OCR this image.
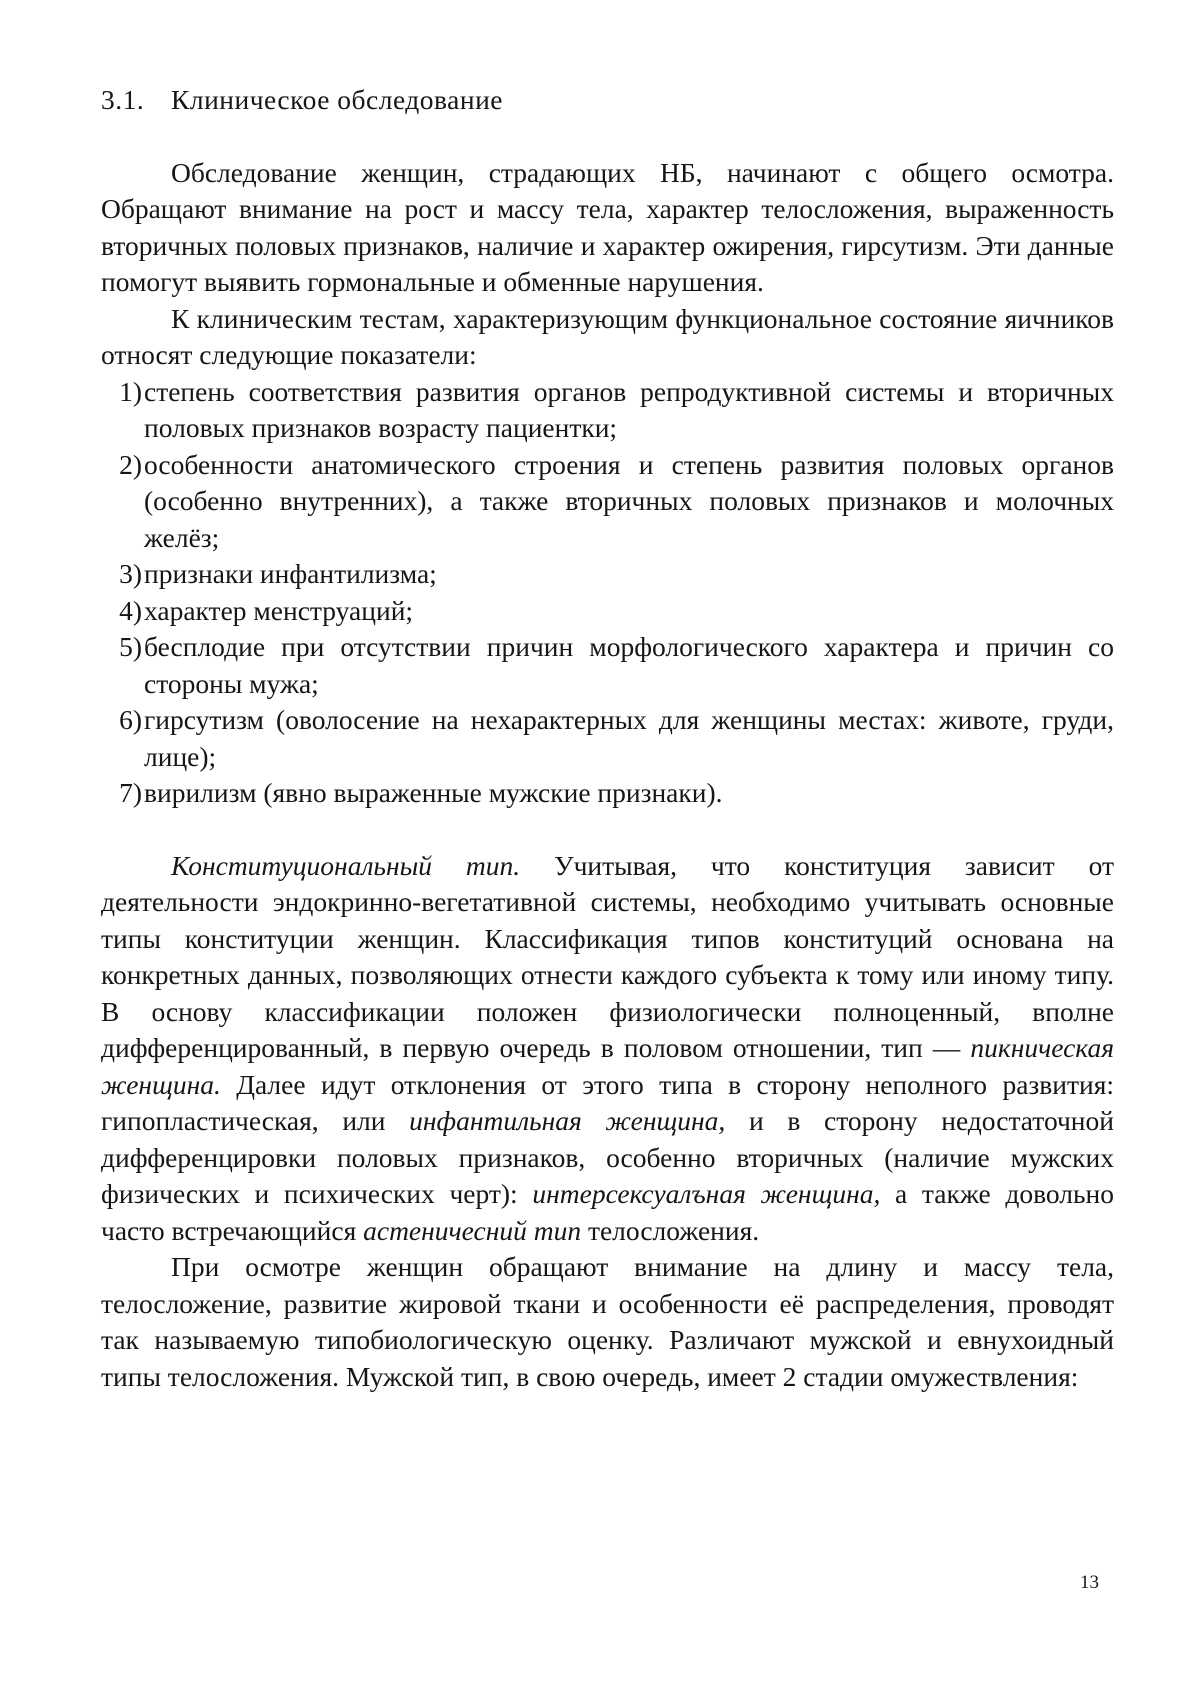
3.1. Клиническое обследование

Обследование женщин, страдающих НБ, начинают с общего осмотра. Обращают внимание на рост и массу тела, характер телосложения, выраженность вторичных половых признаков, наличие и характер ожирения, гирсутизм. Эти данные помогут выявить гормональные и обменные нарушения.

К клиническим тестам, характеризующим функциональное состояние яичников относят следующие показатели:

1) степень соответствия развития органов репродуктивной системы и вторичных половых признаков возрасту пациентки;
2) особенности анатомического строения и степень развития половых органов (особенно внутренних), а также вторичных половых признаков и молочных желёз;
3) признаки инфантилизма;
4) характер менструаций;
5) бесплодие при отсутствии причин морфологического характера и причин со стороны мужа;
6) гирсутизм (оволосение на нехарактерных для женщины местах: животе, груди, лице);
7) вирилизм (явно выраженные мужские признаки).

Конституциональный тип. Учитывая, что конституция зависит от деятельности эндокринно-вегетативной системы, необходимо учитывать основные типы конституции женщин. Классификация типов конституций основана на конкретных данных, позволяющих отнести каждого субъекта к тому или иному типу. В основу классификации положен физиологически полноценный, вполне дифференцированный, в первую очередь в половом отношении, тип — пикническая женщина. Далее идут отклонения от этого типа в сторону неполного развития: гипопластическая, или инфантильная женщина, и в сторону недостаточной дифференцировки половых признаков, особенно вторичных (наличие мужских физических и психических черт): интерсексуалъная женщина, а также довольно часто встречающийся астеничесний тип телосложения.

При осмотре женщин обращают внимание на длину и массу тела, телосложение, развитие жировой ткани и особенности её распределения, проводят так называемую типобиологическую оценку. Различают мужской и евнухоидный типы телосложения. Мужской тип, в свою очередь, имеет 2 стадии омужествления:

13
